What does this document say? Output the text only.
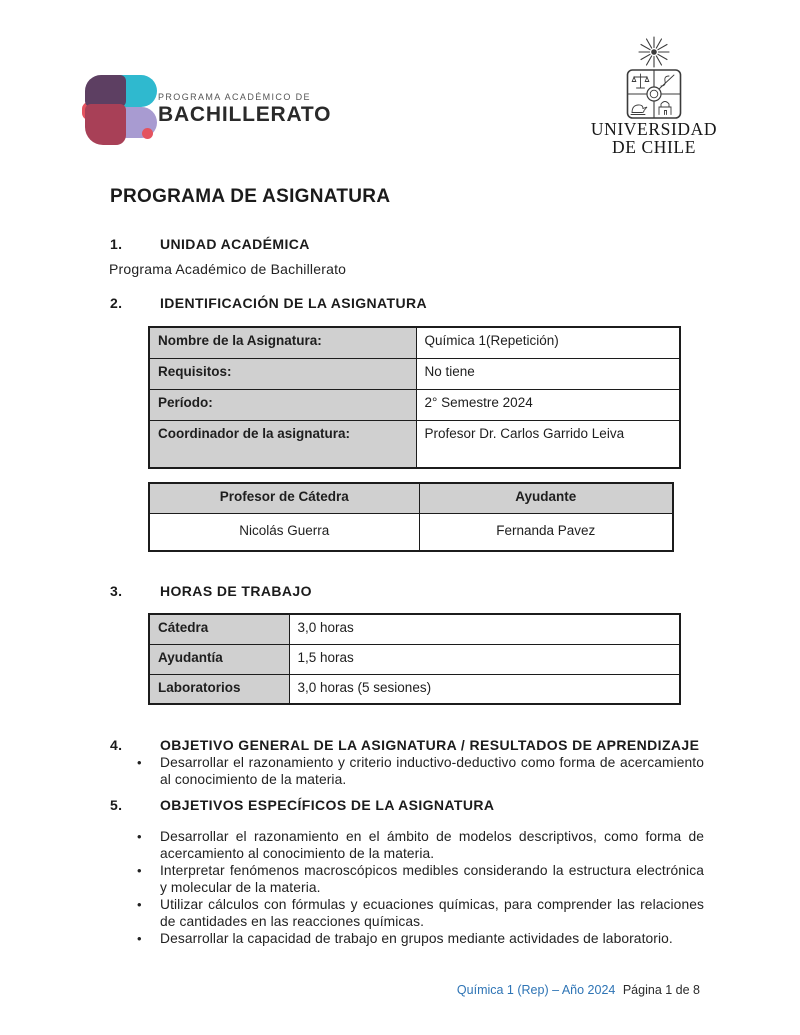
PROGRAMA ACADÉMICO DE
BACHILLERATO
UNIVERSIDAD
DE CHILE
PROGRAMA DE ASIGNATURA
1.	UNIDAD ACADÉMICA
Programa Académico de Bachillerato
2.	IDENTIFICACIÓN DE LA ASIGNATURA
Nombre de la Asignatura:	Química 1(Repetición)
Requisitos:	No tiene
Período:	2° Semestre 2024
Coordinador de la asignatura:	Profesor Dr. Carlos Garrido Leiva
Profesor de Cátedra	Ayudante
Nicolás Guerra	Fernanda Pavez
3.	HORAS DE TRABAJO
Cátedra	3,0 horas
Ayudantía	1,5 horas
Laboratorios	3,0 horas (5 sesiones)
4.	OBJETIVO GENERAL DE LA ASIGNATURA / RESULTADOS DE APRENDIZAJE
•	Desarrollar el razonamiento y criterio inductivo-deductivo como forma de acercamiento al conocimiento de la materia.
5.	OBJETIVOS ESPECÍFICOS DE LA ASIGNATURA
•	Desarrollar el razonamiento en el ámbito de modelos descriptivos, como forma de acercamiento al conocimiento de la materia.
•	Interpretar fenómenos macroscópicos medibles considerando la estructura electrónica y molecular de la materia.
•	Utilizar cálculos con fórmulas y ecuaciones químicas, para comprender las relaciones de cantidades en las reacciones químicas.
•	Desarrollar la capacidad de trabajo en grupos mediante actividades de laboratorio.
Química 1 (Rep) – Año 2024 Página 1 de 8
